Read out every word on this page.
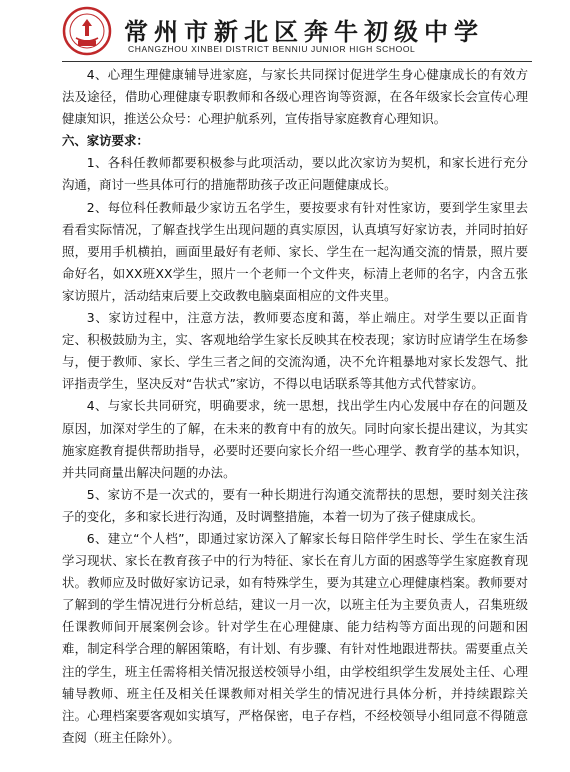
常州市新北区奔牛初级中学
CHANGZHOU XINBEI DISTRICT BENNIU JUNIOR HIGH SCHOOL

4、心理生理健康辅导进家庭，与家长共同探讨促进学生身心健康成长的有效方法及途径，借助心理健康专职教师和各级心理咨询等资源，在各年级家长会宣传心理健康知识，推送公众号：心理护航系列，宣传指导家庭教育心理知识。

六、家访要求：

1、各科任教师都要积极参与此项活动，要以此次家访为契机，和家长进行充分沟通，商讨一些具体可行的措施帮助孩子改正问题健康成长。

2、每位科任教师最少家访五名学生，要按要求有针对性家访，要到学生家里去看看实际情况，了解查找学生出现问题的真实原因，认真填写好家访表，并同时拍好照，要用手机横拍，画面里最好有老师、家长、学生在一起沟通交流的情景，照片要命好名，如XX班XX学生，照片一个老师一个文件夹，标清上老师的名字，内含五张家访照片，活动结束后要上交政教电脑桌面相应的文件夹里。

3、家访过程中，注意方法，教师要态度和蔼，举止端庄。对学生要以正面肯定、积极鼓励为主，实、客观地给学生家长反映其在校表现；家访时应请学生在场参与，便于教师、家长、学生三者之间的交流沟通，决不允许粗暴地对家长发怨气、批评指责学生，坚决反对“告状式”家访，不得以电话联系等其他方式代替家访。

4、与家长共同研究，明确要求，统一思想，找出学生内心发展中存在的问题及原因，加深对学生的了解，在未来的教育中有的放矢。同时向家长提出建议，为其实施家庭教育提供帮助指导，必要时还要向家长介绍一些心理学、教育学的基本知识，并共同商量出解决问题的办法。

5、家访不是一次式的，要有一种长期进行沟通交流帮扶的思想，要时刻关注孩子的变化，多和家长进行沟通，及时调整措施，本着一切为了孩子健康成长。

6、建立“个人档”，即通过家访深入了解家长每日陪伴学生时长、学生在家生活学习现状、家长在教育孩子中的行为特征、家长在育儿方面的困惑等学生家庭教育现状。教师应及时做好家访记录，如有特殊学生，要为其建立心理健康档案。教师要对了解到的学生情况进行分析总结，建议一月一次，以班主任为主要负责人，召集班级任课教师间开展案例会诊。针对学生在心理健康、能力结构等方面出现的问题和困难，制定科学合理的解困策略，有计划、有步骤、有针对性地跟进帮扶。需要重点关注的学生，班主任需将相关情况报送校领导小组，由学校组织学生发展处主任、心理辅导教师、班主任及相关任课教师对相关学生的情况进行具体分析，并持续跟踪关注。心理档案要客观如实填写，严格保密，电子存档，不经校领导小组同意不得随意查阅（班主任除外）。
